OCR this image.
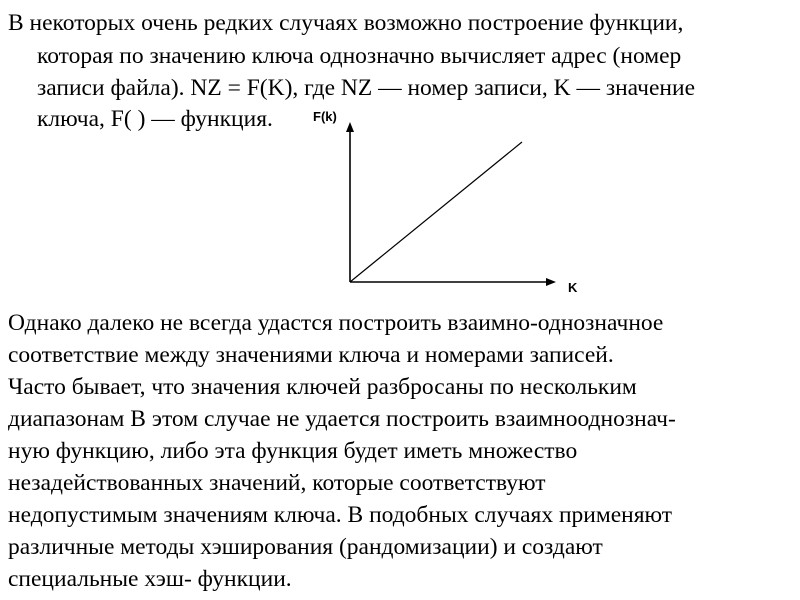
В некоторых очень редких случаях возможно построение функции,
которая по значению ключа однозначно вычисляет адрес (номер
записи файла). NZ = F(K), где NZ — номер записи, K — значение
ключа, F( ) — функция.	F(k)
K
Однако далеко не всегда удастся построить взаимно-однозначное
соответствие между значениями ключа и номерами записей.
Часто бывает, что значения ключей разбросаны по нескольким
диапазонам В этом случае не удается построить взаимнооднознач-
ную функцию, либо эта функция будет иметь множество
незадействованных значений, которые соответствуют
недопустимым значениям ключа. В подобных случаях применяют
различные методы хэширования (рандомизации) и создают
специальные хэш- функции.
